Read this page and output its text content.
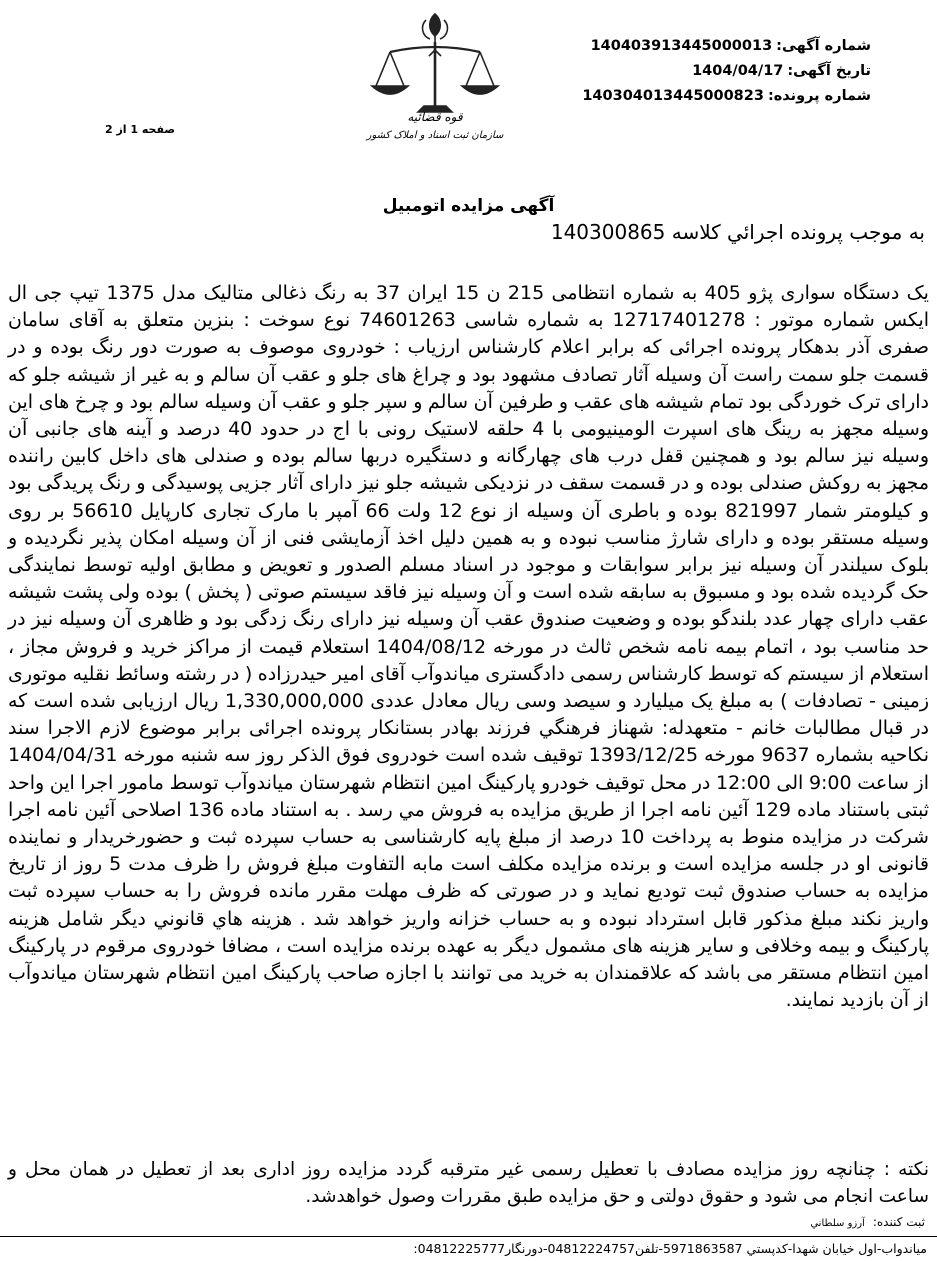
شماره آگهی:140403913445000013
تاریخ آگهی:1404/04/17
شماره پرونده:140304013445000823
قوه قضائیه
سازمان ثبت اسناد و املاک کشور
صفحه 1 از 2
آگهی مزایده اتومبیل
به موجب پرونده اجرائي كلاسه 140300865
یک دستگاه سواری پژو 405 به شماره انتظامی 215 ن 15 ایران 37 به رنگ ذغالی متالیک مدل 1375 تیپ جی ال ایکس شماره موتور : 12717401278 به شماره شاسی 74601263 نوع سوخت : بنزین متعلق به آقای سامان صفری آذر بدهکار پرونده اجرائی که برابر اعلام کارشناس ارزیاب : خودروی موصوف به صورت دور رنگ بوده و در قسمت جلو سمت راست آن وسیله آثار تصادف مشهود بود و چراغ های جلو و عقب آن سالم و به غیر از شیشه جلو که دارای ترک خوردگی بود تمام شیشه های عقب و طرفین آن سالم و سپر جلو و عقب آن وسیله سالم بود و چرخ های این وسیله مجهز به رینگ های اسپرت الومینیومی با 4 حلقه لاستیک رونی با اج در حدود 40 درصد و آینه های جانبی آن وسیله نیز سالم بود و همچنین قفل درب های چهارگانه و دستگیره دربها سالم بوده و صندلی های داخل کابین راننده مجهز به روکش صندلی بوده و در قسمت سقف در نزدیکی شیشه جلو نیز دارای آثار جزیی پوسیدگی و رنگ پریدگی بود و کیلومتر شمار 821997 بوده و باطری آن وسیله از نوع 12 ولت 66 آمپر با مارک تجاری کارپایل 56610 بر روی وسیله مستقر بوده و دارای شارژ مناسب نبوده و به همین دلیل اخذ آزمایشی فنی از آن وسیله امکان پذیر نگردیده و بلوک سیلندر آن وسیله نیز برابر سوابقات و موجود در اسناد مسلم الصدور و تعویض و مطابق اولیه توسط نمایندگی حک گردیده شده بود و مسبوق به سابقه شده است و آن وسیله نیز فاقد سیستم صوتی ( پخش ) بوده ولی پشت شیشه عقب دارای چهار عدد بلندگو بوده و وضعیت صندوق عقب آن وسیله نیز دارای رنگ زدگی بود و ظاهری آن وسیله نیز در حد مناسب بود ، اتمام بیمه نامه شخص ثالث در مورخه 1404/08/12 استعلام قیمت از مراکز خرید و فروش مجاز ، استعلام از سیستم که توسط کارشناس رسمی دادگستری میاندوآب آقای امیر حیدرزاده ( در رشته وسائط نقلیه موتوری زمینی - تصادفات ) به مبلغ یک میلیارد و سیصد وسی ریال معادل عددی 1,330,000,000 ریال ارزیابی شده است که در قبال مطالبات خانم - متعهدله: شهناز فرهنگي فرزند بهادر بستانكار پرونده اجرائی برابر موضوع لازم الاجرا سند نكاحیه بشماره 9637 مورخه 1393/12/25 توقیف شده است خودروی فوق الذكر روز سه شنبه مورخه 1404/04/31 از ساعت 9:00 الی 12:00 در محل توقیف خودرو پاركینگ امین انتظام شهرستان میاندوآب توسط مامور اجرا این واحد ثبتی باستناد ماده 129 آئین نامه اجرا از طریق مزایده به فروش مي رسد . به استناد ماده 136 اصلاحی آئین نامه اجرا شرکت در مزایده منوط به پرداخت 10 درصد از مبلغ پایه کارشناسی به حساب سپرده ثبت و حضورخریدار و نماینده قانونی او در جلسه مزایده است و برنده مزایده مکلف است مابه التفاوت مبلغ فروش را ظرف مدت 5 روز از تاریخ مزایده به حساب صندوق ثبت تودیع نماید و در صورتی که ظرف مهلت مقرر مانده فروش را به حساب سپرده ثبت واریز نکند مبلغ مذکور قابل استرداد نبوده و به حساب خزانه واریز خواهد شد . هزینه هاي قانوني دیگر شامل هزینه پاركینگ و بیمه وخلافی و سایر هزینه های مشمول دیگر به عهده برنده مزایده است ، مضافا خودروی مرقوم در پاركینگ امین انتظام مستقر می باشد كه علاقمندان به خرید می توانند با اجازه صاحب پاركینگ امین انتظام شهرستان میاندوآب از آن بازدید نمایند.
نكته : چنانچه روز مزایده مصادف با تعطیل رسمی غیر مترقبه گردد مزایده روز اداری بعد از تعطیل در همان محل و ساعت انجام می شود و حقوق دولتی و حق مزایده طبق مقررات وصول خواهدشد.
ثبت کننده:آرزو سلطاني
میاندواب-اول خیابان شهدا-كدپستي 5971863587-تلفن04812224757-دورنگار04812225777:
